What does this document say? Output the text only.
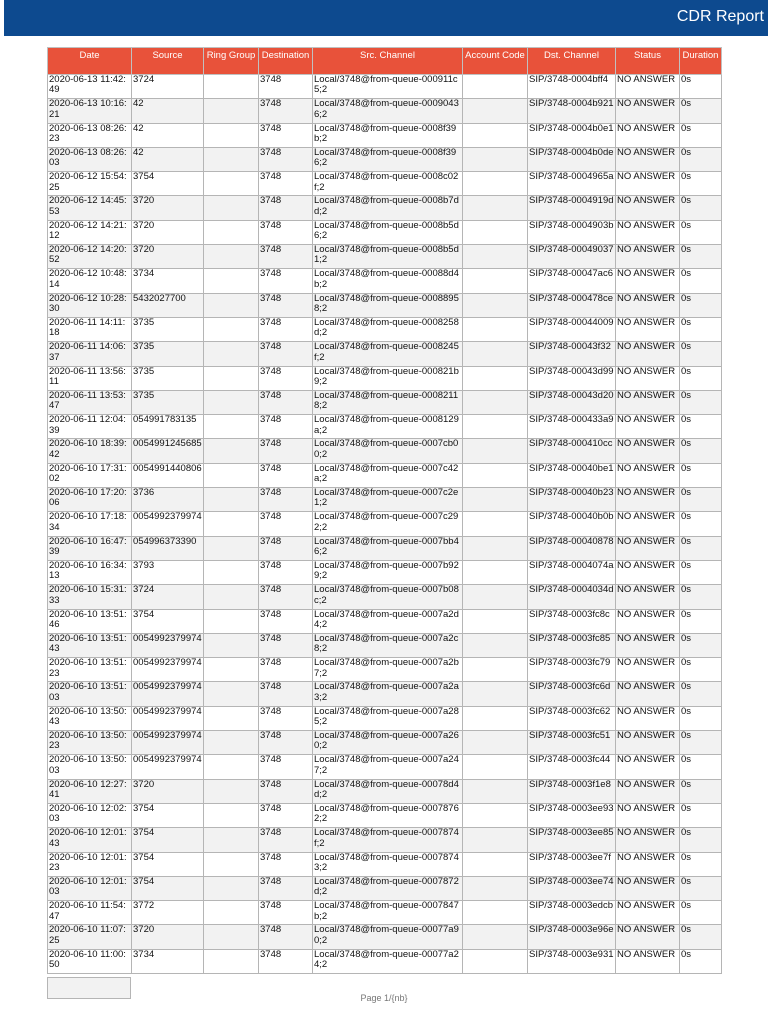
CDR Report
Date	Source	Ring Group	Destination	Src. Channel	Account Code	Dst. Channel	Status	Duration
2020-06-13 11:42:49	3724		3748	Local/3748@from-queue-000911c5;2		SIP/3748-0004bff4	NO ANSWER	0s
2020-06-13 10:16:21	42		3748	Local/3748@from-queue-00090436;2		SIP/3748-0004b921	NO ANSWER	0s
2020-06-13 08:26:23	42		3748	Local/3748@from-queue-0008f39b;2		SIP/3748-0004b0e1	NO ANSWER	0s
2020-06-13 08:26:03	42		3748	Local/3748@from-queue-0008f396;2		SIP/3748-0004b0de	NO ANSWER	0s
2020-06-12 15:54:25	3754		3748	Local/3748@from-queue-0008c02f;2		SIP/3748-0004965a	NO ANSWER	0s
2020-06-12 14:45:53	3720		3748	Local/3748@from-queue-0008b7dd;2		SIP/3748-0004919d	NO ANSWER	0s
2020-06-12 14:21:12	3720		3748	Local/3748@from-queue-0008b5d6;2		SIP/3748-0004903b	NO ANSWER	0s
2020-06-12 14:20:52	3720		3748	Local/3748@from-queue-0008b5d1;2		SIP/3748-00049037	NO ANSWER	0s
2020-06-12 10:48:14	3734		3748	Local/3748@from-queue-00088d4b;2		SIP/3748-00047ac6	NO ANSWER	0s
2020-06-12 10:28:30	5432027700		3748	Local/3748@from-queue-00088958;2		SIP/3748-000478ce	NO ANSWER	0s
2020-06-11 14:11:18	3735		3748	Local/3748@from-queue-0008258d;2		SIP/3748-00044009	NO ANSWER	0s
2020-06-11 14:06:37	3735		3748	Local/3748@from-queue-0008245f;2		SIP/3748-00043f32	NO ANSWER	0s
2020-06-11 13:56:11	3735		3748	Local/3748@from-queue-000821b9;2		SIP/3748-00043d99	NO ANSWER	0s
2020-06-11 13:53:47	3735		3748	Local/3748@from-queue-00082118;2		SIP/3748-00043d20	NO ANSWER	0s
2020-06-11 12:04:39	054991783135		3748	Local/3748@from-queue-0008129a;2		SIP/3748-000433a9	NO ANSWER	0s
2020-06-10 18:39:42	0054991245685		3748	Local/3748@from-queue-0007cb00;2		SIP/3748-000410cc	NO ANSWER	0s
2020-06-10 17:31:02	0054991440806		3748	Local/3748@from-queue-0007c42a;2		SIP/3748-00040be1	NO ANSWER	0s
2020-06-10 17:20:06	3736		3748	Local/3748@from-queue-0007c2e1;2		SIP/3748-00040b23	NO ANSWER	0s
2020-06-10 17:18:34	0054992379974		3748	Local/3748@from-queue-0007c292;2		SIP/3748-00040b0b	NO ANSWER	0s
2020-06-10 16:47:39	054996373390		3748	Local/3748@from-queue-0007bb46;2		SIP/3748-00040878	NO ANSWER	0s
2020-06-10 16:34:13	3793		3748	Local/3748@from-queue-0007b929;2		SIP/3748-0004074a	NO ANSWER	0s
2020-06-10 15:31:33	3724		3748	Local/3748@from-queue-0007b08c;2		SIP/3748-0004034d	NO ANSWER	0s
2020-06-10 13:51:46	3754		3748	Local/3748@from-queue-0007a2d4;2		SIP/3748-0003fc8c	NO ANSWER	0s
2020-06-10 13:51:43	0054992379974		3748	Local/3748@from-queue-0007a2c8;2		SIP/3748-0003fc85	NO ANSWER	0s
2020-06-10 13:51:23	0054992379974		3748	Local/3748@from-queue-0007a2b7;2		SIP/3748-0003fc79	NO ANSWER	0s
2020-06-10 13:51:03	0054992379974		3748	Local/3748@from-queue-0007a2a3;2		SIP/3748-0003fc6d	NO ANSWER	0s
2020-06-10 13:50:43	0054992379974		3748	Local/3748@from-queue-0007a285;2		SIP/3748-0003fc62	NO ANSWER	0s
2020-06-10 13:50:23	0054992379974		3748	Local/3748@from-queue-0007a260;2		SIP/3748-0003fc51	NO ANSWER	0s
2020-06-10 13:50:03	0054992379974		3748	Local/3748@from-queue-0007a247;2		SIP/3748-0003fc44	NO ANSWER	0s
2020-06-10 12:27:41	3720		3748	Local/3748@from-queue-00078d4d;2		SIP/3748-0003f1e8	NO ANSWER	0s
2020-06-10 12:02:03	3754		3748	Local/3748@from-queue-00078762;2		SIP/3748-0003ee93	NO ANSWER	0s
2020-06-10 12:01:43	3754		3748	Local/3748@from-queue-0007874f;2		SIP/3748-0003ee85	NO ANSWER	0s
2020-06-10 12:01:23	3754		3748	Local/3748@from-queue-00078743;2		SIP/3748-0003ee7f	NO ANSWER	0s
2020-06-10 12:01:03	3754		3748	Local/3748@from-queue-0007872d;2		SIP/3748-0003ee74	NO ANSWER	0s
2020-06-10 11:54:47	3772		3748	Local/3748@from-queue-0007847b;2		SIP/3748-0003edcb	NO ANSWER	0s
2020-06-10 11:07:25	3720		3748	Local/3748@from-queue-00077a90;2		SIP/3748-0003e96e	NO ANSWER	0s
2020-06-10 11:00:50	3734		3748	Local/3748@from-queue-00077a24;2		SIP/3748-0003e931	NO ANSWER	0s
Page 1/{nb}
